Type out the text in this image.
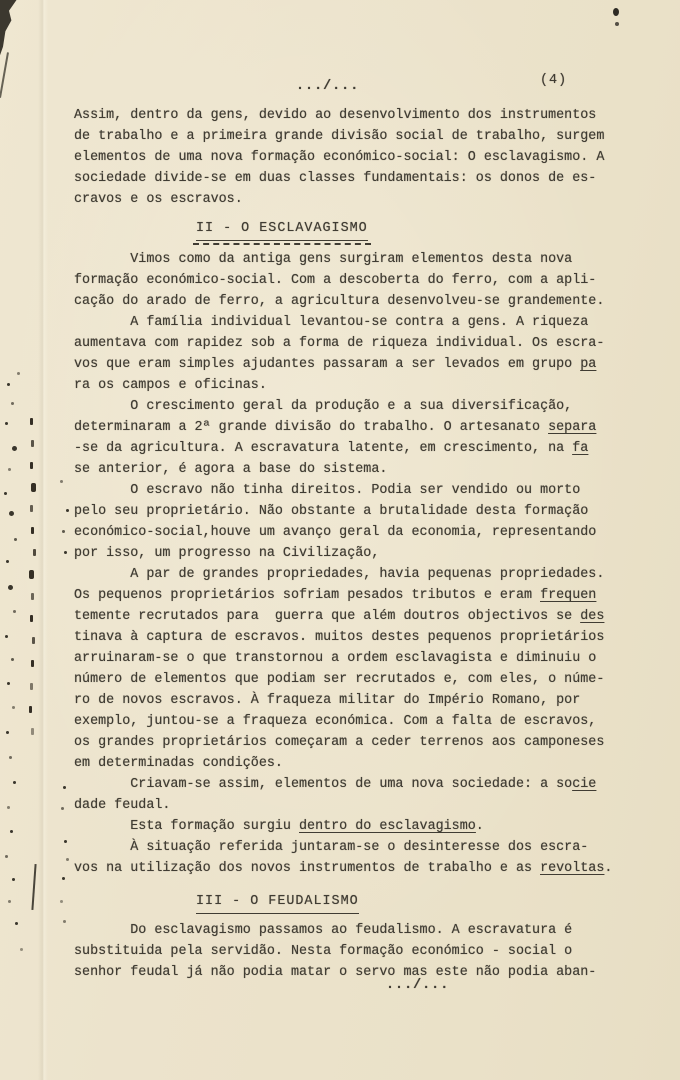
.../...	(4)
Assim, dentro da gens, devido ao desenvolvimento dos instrumentos
de trabalho e a primeira grande divisão social de trabalho, surgem
elementos de uma nova formação económico-social: O esclavagismo. A
sociedade divide-se em duas classes fundamentais: os donos de es-
cravos e os escravos.
II - O ESCLAVAGISMO
Vimos como da antiga gens surgiram elementos desta nova
formação económico-social. Com a descoberta do ferro, com a apli-
cação do arado de ferro, a agricultura desenvolveu-se grandemente.
A família individual levantou-se contra a gens. A riqueza
aumentava com rapidez sob a forma de riqueza individual. Os escra-
vos que eram simples ajudantes passaram a ser levados em grupo pa
ra os campos e oficinas.
O crescimento geral da produção e a sua diversificação,
determinaram a 2ª grande divisão do trabalho. O artesanato separa
-se da agricultura. A escravatura latente, em crescimento, na fa
se anterior, é agora a base do sistema.
O escravo não tinha direitos. Podia ser vendido ou morto
pelo seu proprietário. Não obstante a brutalidade desta formação
económico-social,houve um avanço geral da economia, representando
por isso, um progresso na Civilização,
A par de grandes propriedades, havia pequenas propriedades.
Os pequenos proprietários sofriam pesados tributos e eram frequen
temente recrutados para  guerra que além doutros objectivos se des
tinava à captura de escravos. muitos destes pequenos proprietários
arruinaram-se o que transtornou a ordem esclavagista e diminuiu o
número de elementos que podiam ser recrutados e, com eles, o núme-
ro de novos escravos. À fraqueza militar do Império Romano, por
exemplo, juntou-se a fraqueza económica. Com a falta de escravos,
os grandes proprietários começaram a ceder terrenos aos camponeses
em determinadas condições.
Criavam-se assim, elementos de uma nova sociedade: a socie
dade feudal.
Esta formação surgiu dentro do esclavagismo.
À situação referida juntaram-se o desinteresse dos escra-
vos na utilização dos novos instrumentos de trabalho e as revoltas.
III - O FEUDALISMO
Do esclavagismo passamos ao feudalismo. A escravatura é
substituida pela servidão. Nesta formação económico - social o
senhor feudal já não podia matar o servo mas este não podia aban-
.../...
